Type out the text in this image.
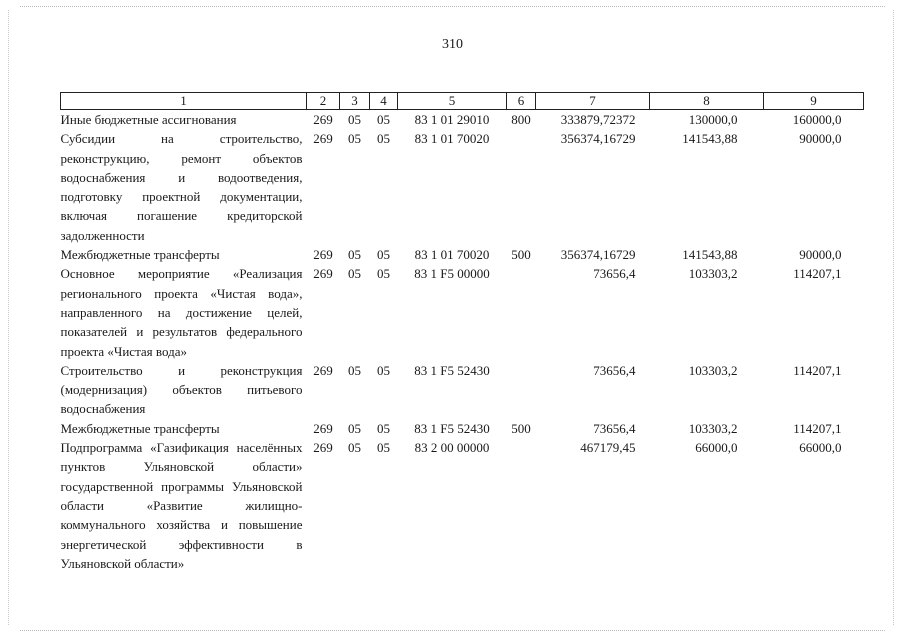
310
1	2	3	4	5	6	7	8	9
Иные бюджетные ассигнования	269	05	05	83 1 01 29010	800	333879,72372	130000,0	160000,0
Субсидии на строительство, реконструкцию, ремонт объектов водоснабжения и водоотведения, подготовку проектной документации, включая погашение кредиторской задолженности	269	05	05	83 1 01 70020		356374,16729	141543,88	90000,0
Межбюджетные трансферты	269	05	05	83 1 01 70020	500	356374,16729	141543,88	90000,0
Основное мероприятие «Реализация регионального проекта «Чистая вода», направленного на достижение целей, показателей и результатов федерального проекта «Чистая вода»	269	05	05	83 1 F5 00000		73656,4	103303,2	114207,1
Строительство и реконструкция (модернизация) объектов питьевого водоснабжения	269	05	05	83 1 F5 52430		73656,4	103303,2	114207,1
Межбюджетные трансферты	269	05	05	83 1 F5 52430	500	73656,4	103303,2	114207,1
Подпрограмма «Газификация населённых пунктов Ульяновской области» государственной программы Ульяновской области «Развитие жилищно-коммунального хозяйства и повышение энергетической эффективности в Ульяновской области»	269	05	05	83 2 00 00000		467179,45	66000,0	66000,0
